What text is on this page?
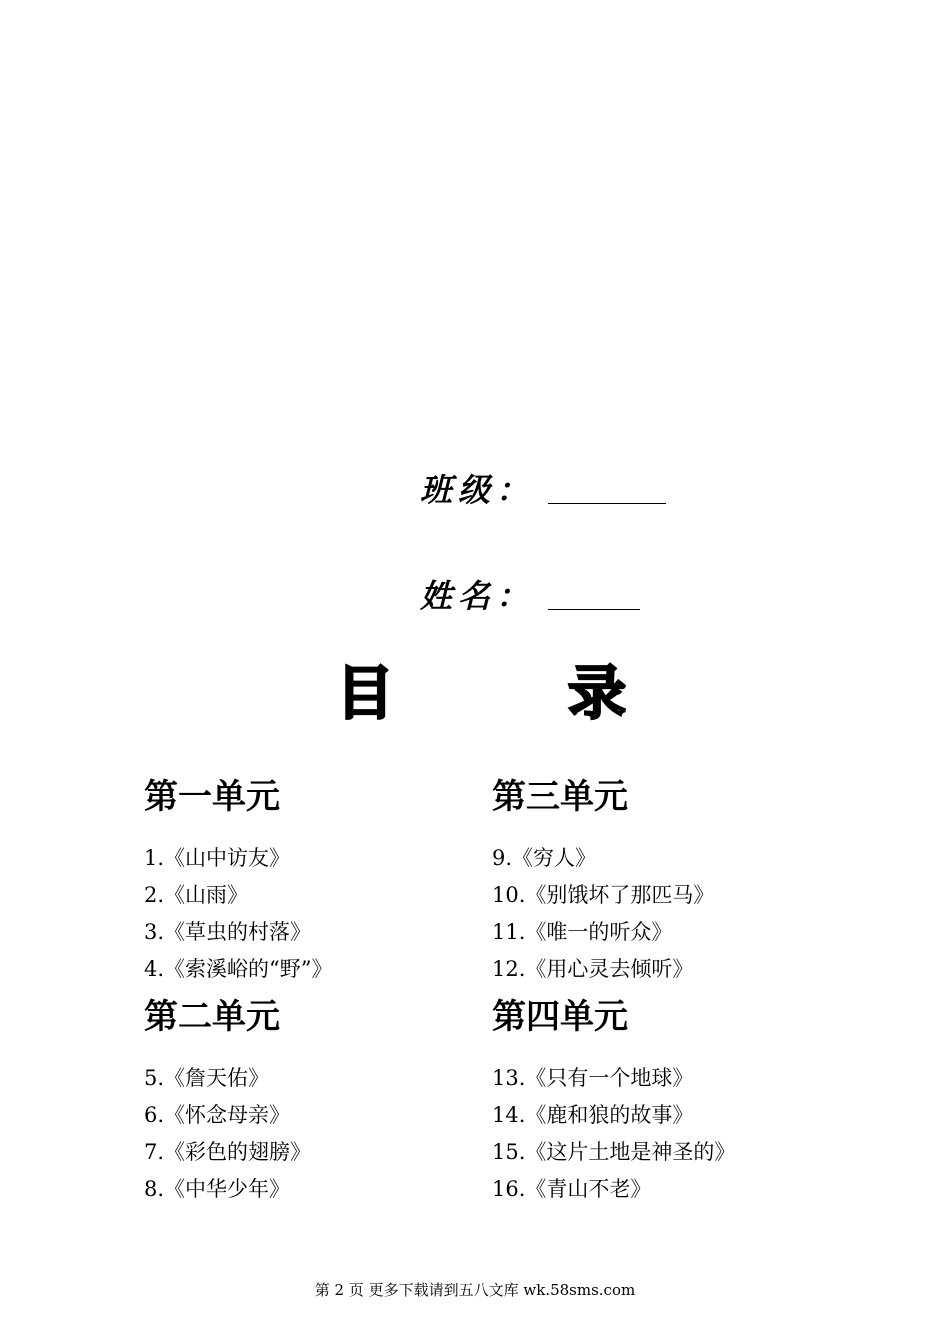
班级：
姓名：
目	录
第一单元
1.《山中访友》
2.《山雨》
3.《草虫的村落》
4.《索溪峪的“野”》
第二单元
5.《詹天佑》
6.《怀念母亲》
7.《彩色的翅膀》
8.《中华少年》
第三单元
9.《穷人》
10.《别饿坏了那匹马》
11.《唯一的听众》
12.《用心灵去倾听》
第四单元
13.《只有一个地球》
14.《鹿和狼的故事》
15.《这片土地是神圣的》
16.《青山不老》
第 2 页 更多下载请到五八文库 wk.58sms.com
